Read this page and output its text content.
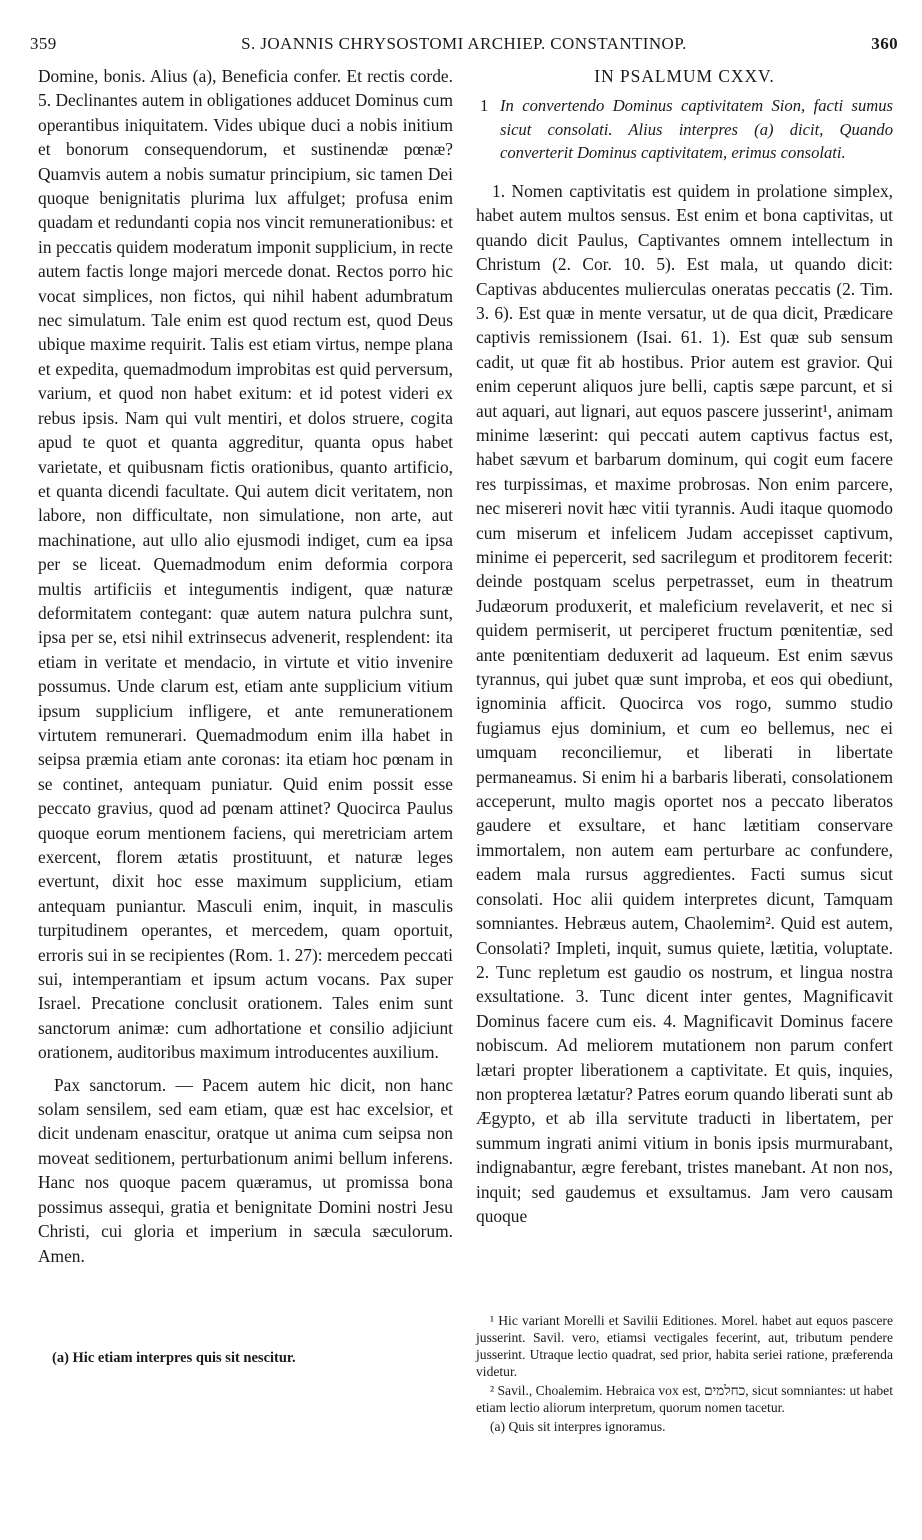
359	S. JOANNIS CHRYSOSTOMI ARCHIEP. CONSTANTINOP.	360

Domine, bonis. Alius (a), Beneficia confer. Et rectis corde. 5. Declinantes autem in obligationes adducet Dominus cum operantibus iniquitatem. Vides ubique duci a nobis initium et bonorum consequendorum, et sustinendæ pœnæ? Quamvis autem a nobis sumatur principium, sic tamen Dei quoque benignitatis plurima lux affulget; profusa enim quadam et redundanti copia nos vincit remunerationibus: et in peccatis quidem moderatum imponit supplicium, in recte autem factis longe majori mercede donat. Rectos porro hic vocat simplices, non fictos, qui nihil habent adumbratum nec simulatum. Tale enim est quod rectum est, quod Deus ubique maxime requirit. Talis est etiam virtus, nempe plana et expedita, quemadmodum improbitas est quid perversum, varium, et quod non habet exitum: et id potest videri ex rebus ipsis. Nam qui vult mentiri, et dolos struere, cogita apud te quot et quanta aggreditur, quanta opus habet varietate, et quibusnam fictis orationibus, quanto artificio, et quanta dicendi facultate. Qui autem dicit veritatem, non labore, non difficultate, non simulatione, non arte, aut machinatione, aut ullo alio ejusmodi indiget, cum ea ipsa per se liceat. Quemadmodum enim deformia corpora multis artificiis et integumentis indigent, quæ naturæ deformitatem contegant: quæ autem natura pulchra sunt, ipsa per se, etsi nihil extrinsecus advenerit, resplendent: ita etiam in veritate et mendacio, in virtute et vitio invenire possumus. Unde clarum est, etiam ante supplicium vitium ipsum supplicium infligere, et ante remunerationem virtutem remunerari. Quemadmodum enim illa habet in seipsa præmia etiam ante coronas: ita etiam hoc pœnam in se continet, antequam puniatur. Quid enim possit esse peccato gravius, quod ad pœnam attinet? Quocirca Paulus quoque eorum mentionem faciens, qui meretriciam artem exercent, florem ætatis prostituunt, et naturæ leges evertunt, dixit hoc esse maximum supplicium, etiam antequam puniantur. Masculi enim, inquit, in masculis turpitudinem operantes, et mercedem, quam oportuit, erroris sui in se recipientes (Rom. 1. 27): mercedem peccati sui, intemperantiam et ipsum actum vocans. Pax super Israel. Precatione conclusit orationem. Tales enim sunt sanctorum animæ: cum adhortatione et consilio adjiciunt orationem, auditoribus maximum introducentes auxilium.

Pax sanctorum. — Pacem autem hic dicit, non hanc solam sensilem, sed eam etiam, quæ est hac excelsior, et dicit undenam enascitur, oratque ut anima cum seipsa non moveat seditionem, perturbationum animi bellum inferens. Hanc nos quoque pacem quæramus, ut promissa bona possimus assequi, gratia et benignitate Domini nostri Jesu Christi, cui gloria et imperium in sæcula sæculorum. Amen.

(a) Hic etiam interpres quis sit nescitur.
IN PSALMUM CXXV.
1 In convertendo Dominus captivitatem Sion, facti sumus sicut consolati. Alius interpres (a) dicit, Quando converterit Dominus captivitatem, erimus consolati.

1. Nomen captivitatis est quidem in prolatione simplex, habet autem multos sensus. Est enim et bona captivitas, ut quando dicit Paulus, Captivantes omnem intellectum in Christum (2. Cor. 10. 5). Est mala, ut quando dicit: Captivas abducentes mulierculas oneratas peccatis (2. Tim. 3. 6). Est quæ in mente versatur, ut de qua dicit, Prædicare captivis remissionem (Isai. 61. 1). Est quæ sub sensum cadit, ut quæ fit ab hostibus. Prior autem est gravior. Qui enim ceperunt aliquos jure belli, captis sæpe parcunt, et si aut aquari, aut lignari, aut equos pascere jusserint¹, animam minime læserint: qui peccati autem captivus factus est, habet sævum et barbarum dominum, qui cogit eum facere res turpissimas, et maxime probrosas. Non enim parcere, nec misereri novit hæc vitii tyrannis. Audi itaque quomodo cum miserum et infelicem Judam accepisset captivum, minime ei pepercerit, sed sacrilegum et proditorem fecerit: deinde postquam scelus perpetrasset, eum in theatrum Judæorum produxerit, et maleficium revelaverit, et nec si quidem permiserit, ut perciperet fructum pœnitentiæ, sed ante pœnitentiam deduxerit ad laqueum. Est enim sævus tyrannus, qui jubet quæ sunt improba, et eos qui obediunt, ignominia afficit. Quocirca vos rogo, summo studio fugiamus ejus dominium, et cum eo bellemus, nec ei umquam reconciliemur, et liberati in libertate permaneamus. Si enim hi a barbaris liberati, consolationem acceperunt, multo magis oportet nos a peccato liberatos gaudere et exsultare, et hanc lætitiam conservare immortalem, non autem eam perturbare ac confundere, eadem mala rursus aggredientes. Facti sumus sicut consolati. Hoc alii quidem interpretes dicunt, Tamquam somniantes. Hebræus autem, Chaolemim². Quid est autem, Consolati? Impleti, inquit, sumus quiete, lætitia, voluptate. 2. Tunc repletum est gaudio os nostrum, et lingua nostra exsultatione. 3. Tunc dicent inter gentes, Magnificavit Dominus facere cum eis. 4. Magnificavit Dominus facere nobiscum. Ad meliorem mutationem non parum confert lætari propter liberationem a captivitate. Et quis, inquies, non propterea lætatur? Patres eorum quando liberati sunt ab Ægypto, et ab illa servitute traducti in libertatem, per summum ingrati animi vitium in bonis ipsis murmurabant, indignabantur, ægre ferebant, tristes manebant. At non nos, inquit; sed gaudemus et exsultamus. Jam vero causam quoque

¹ Hic variant Morelli et Savilii Editiones. Morel. habet aut equos pascere jusserint. Savil. vero, etiamsi vectigales fecerint, aut, tributum pendere jusserint. Utraque lectio quadrat, sed prior, habita seriei ratione, præferenda videtur.

² Savil., Choalemim. Hebraica vox est, כחלמים, sicut somniantes: ut habet etiam lectio aliorum interpretum, quorum nomen tacetur.

(a) Quis sit interpres ignoramus.
